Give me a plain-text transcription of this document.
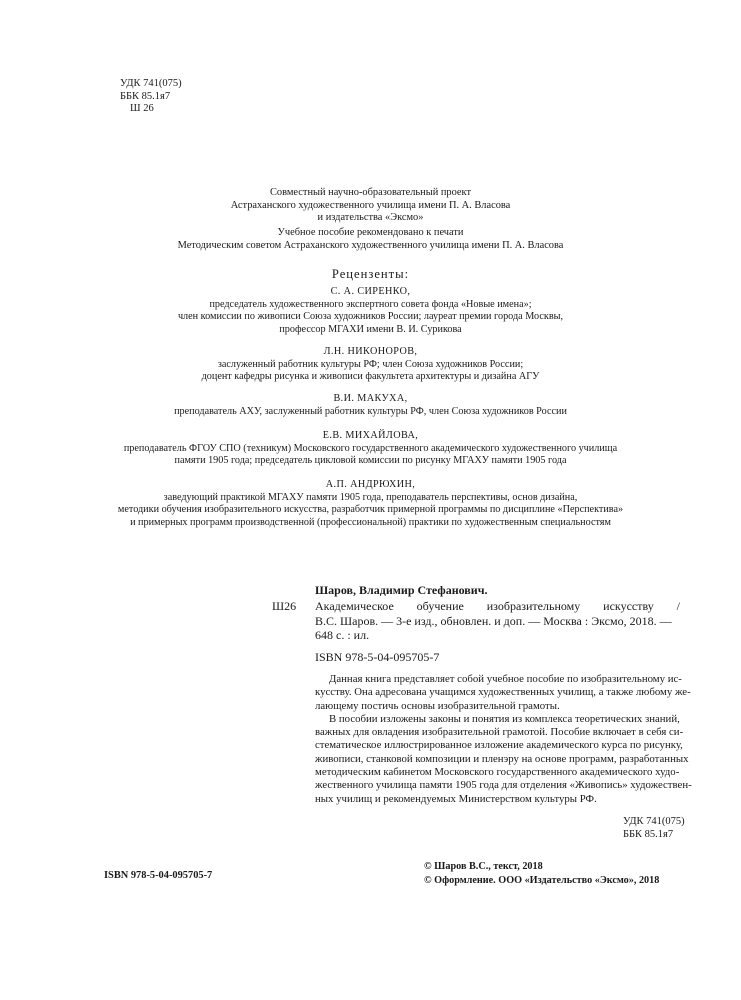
УДК 741(075)
ББК 85.1я7
Ш 26
Совместный научно-образовательный проект
Астраханского художественного училища имени П. А. Власова
и издательства «Эксмо»
Учебное пособие рекомендовано к печати
Методическим советом Астраханского художественного училища имени П. А. Власова
Рецензенты:
С. А. СИРЕНКО,
председатель художественного экспертного совета фонда «Новые имена»;
член комиссии по живописи Союза художников России; лауреат премии города Москвы,
профессор МГАХИ имени В. И. Сурикова
Л.Н. НИКОНОРОВ,
заслуженный работник культуры РФ; член Союза художников России;
доцент кафедры рисунка и живописи факультета архитектуры и дизайна АГУ
В.И. МАКУХА,
преподаватель АХУ, заслуженный работник культуры РФ, член Союза художников России
Е.В. МИХАЙЛОВА,
преподаватель ФГОУ СПО (техникум) Московского государственного академического художественного училища
памяти 1905 года; председатель цикловой комиссии по рисунку МГАХУ памяти 1905 года
А.П. АНДРЮХИН,
заведующий практикой МГАХУ памяти 1905 года, преподаватель перспективы, основ дизайна,
методики обучения изобразительного искусства, разработчик примерной программы по дисциплине «Перспектива»
и примерных программ производственной (профессиональной) практики по художественным специальностям
Шаров, Владимир Стефанович.
Ш26 Академическое обучение изобразительному искусству /
В.С. Шаров. — 3-е изд., обновлен. и доп. — Москва : Эксмо, 2018. —
648 с. : ил.
ISBN 978-5-04-095705-7
Данная книга представляет собой учебное пособие по изобразительному ис-
кусству. Она адресована учащимся художественных училищ, а также любому же-
лающему постичь основы изобразительной грамоты.
В пособии изложены законы и понятия из комплекса теоретических знаний,
важных для овладения изобразительной грамотой. Пособие включает в себя си-
стематическое иллюстрированное изложение академического курса по рисунку,
живописи, станковой композиции и пленэру на основе программ, разработанных
методическим кабинетом Московского государственного академического худо-
жественного училища памяти 1905 года для отделения «Живопись» художествен-
ных училищ и рекомендуемых Министерством культуры РФ.
УДК 741(075)
ББК 85.1я7
ISBN 978-5-04-095705-7
© Шаров В.С., текст, 2018
© Оформление. ООО «Издательство «Эксмо», 2018
